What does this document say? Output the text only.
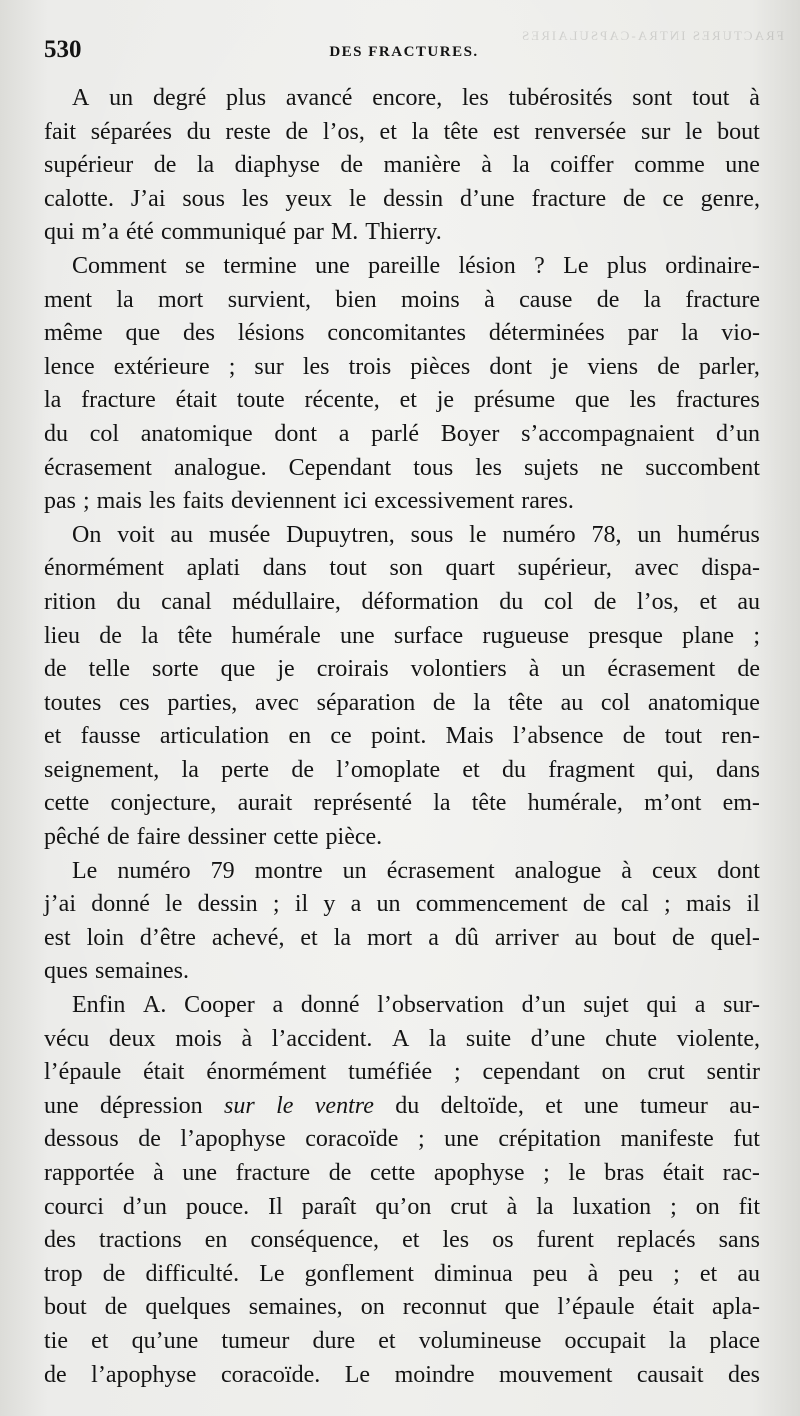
FRACTURES INTRA-CAPSULAIRES
530	DES FRACTURES.
A un degré plus avancé encore, les tubérosités sont tout à
fait séparées du reste de l’os, et la tête est renversée sur le bout
supérieur de la diaphyse de manière à la coiffer comme une
calotte. J’ai sous les yeux le dessin d’une fracture de ce genre,
qui m’a été communiqué par M. Thierry.
Comment se termine une pareille lésion ? Le plus ordinaire-
ment la mort survient, bien moins à cause de la fracture
même que des lésions concomitantes déterminées par la vio-
lence extérieure ; sur les trois pièces dont je viens de parler,
la fracture était toute récente, et je présume que les fractures
du col anatomique dont a parlé Boyer s’accompagnaient d’un
écrasement analogue. Cependant tous les sujets ne succombent
pas ; mais les faits deviennent ici excessivement rares.
On voit au musée Dupuytren, sous le numéro 78, un humérus
énormément aplati dans tout son quart supérieur, avec dispa-
rition du canal médullaire, déformation du col de l’os, et au
lieu de la tête humérale une surface rugueuse presque plane ;
de telle sorte que je croirais volontiers à un écrasement de
toutes ces parties, avec séparation de la tête au col anatomique
et fausse articulation en ce point. Mais l’absence de tout ren-
seignement, la perte de l’omoplate et du fragment qui, dans
cette conjecture, aurait représenté la tête humérale, m’ont em-
pêché de faire dessiner cette pièce.
Le numéro 79 montre un écrasement analogue à ceux dont
j’ai donné le dessin ; il y a un commencement de cal ; mais il
est loin d’être achevé, et la mort a dû arriver au bout de quel-
ques semaines.
Enfin A. Cooper a donné l’observation d’un sujet qui a sur-
vécu deux mois à l’accident. A la suite d’une chute violente,
l’épaule était énormément tuméfiée ; cependant on crut sentir
une dépression sur le ventre du deltoïde, et une tumeur au-
dessous de l’apophyse coracoïde ; une crépitation manifeste fut
rapportée à une fracture de cette apophyse ; le bras était rac-
courci d’un pouce. Il paraît qu’on crut à la luxation ; on fit
des tractions en conséquence, et les os furent replacés sans
trop de difficulté. Le gonflement diminua peu à peu ; et au
bout de quelques semaines, on reconnut que l’épaule était apla-
tie et qu’une tumeur dure et volumineuse occupait la place
de l’apophyse coracoïde. Le moindre mouvement causait des
